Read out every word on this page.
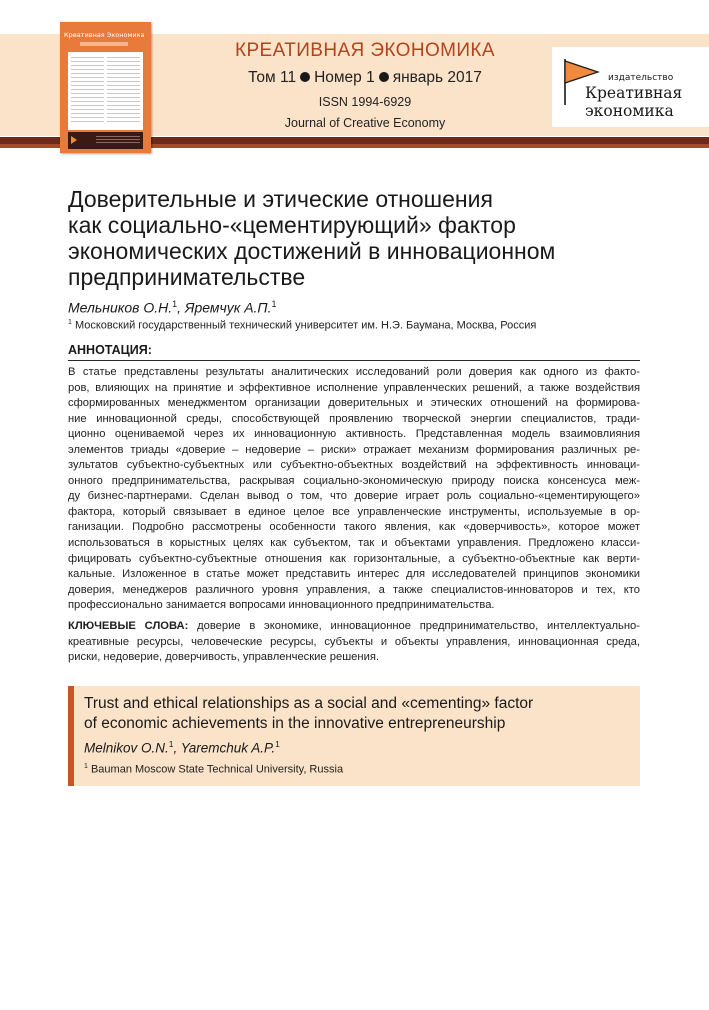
Креативная Экономика
КРЕАТИВНАЯ ЭКОНОМИКА
Том 11 Номер 1 январь 2017
ISSN 1994-6929
Journal of Creative Economy
издательство
Креативная
экономика
Доверительные и этические отношения
как социально-«цементирующий» фактор
экономических достижений в инновационном
предпринимательстве
Мельников О.Н.$^1$, Яремчук А.П.$^1$
$^1$ Московский государственный технический университет им. Н.Э. Баумана, Москва, Россия
АННОТАЦИЯ:
В статье представлены результаты аналитических исследований роли доверия как одного из факто-
ров, влияющих на принятие и эффективное исполнение управленческих решений, а также воздействия
сформированных менеджментом организации доверительных и этических отношений на формирова-
ние инновационной среды, способствующей проявлению творческой энергии специалистов, тради-
ционно оцениваемой через их инновационную активность. Представленная модель взаимовлияния
элементов триады «доверие – недоверие – риски» отражает механизм формирования различных ре-
зультатов субъектно-субъектных или субъектно-объектных воздействий на эффективность инноваци-
онного предпринимательства, раскрывая социально-экономическую природу поиска консенсуса меж-
ду бизнес-партнерами. Сделан вывод о том, что доверие играет роль социально-«цементирующего»
фактора, который связывает в единое целое все управленческие инструменты, используемые в ор-
ганизации. Подробно рассмотрены особенности такого явления, как «доверчивость», которое может
использоваться в корыстных целях как субъектом, так и объектами управления. Предложено класси-
фицировать субъектно-субъектные отношения как горизонтальные, а субъектно-объектные как верти-
кальные. Изложенное в статье может представить интерес для исследователей принципов экономики
доверия, менеджеров различного уровня управления, а также специалистов-инноваторов и тех, кто
профессионально занимается вопросами инновационного предпринимательства.
КЛЮЧЕВЫЕ СЛОВА: доверие в экономике, инновационное предпринимательство, интеллектуально-
креативные ресурсы, человеческие ресурсы, субъекты и объекты управления, инновационная среда,
риски, недоверие, доверчивость, управленческие решения.
Trust and ethical relationships as a social and «cementing» factor
of economic achievements in the innovative entrepreneurship
Melnikov O.N.$^1$, Yaremchuk A.P.$^1$
$^1$ Bauman Moscow State Technical University, Russia
